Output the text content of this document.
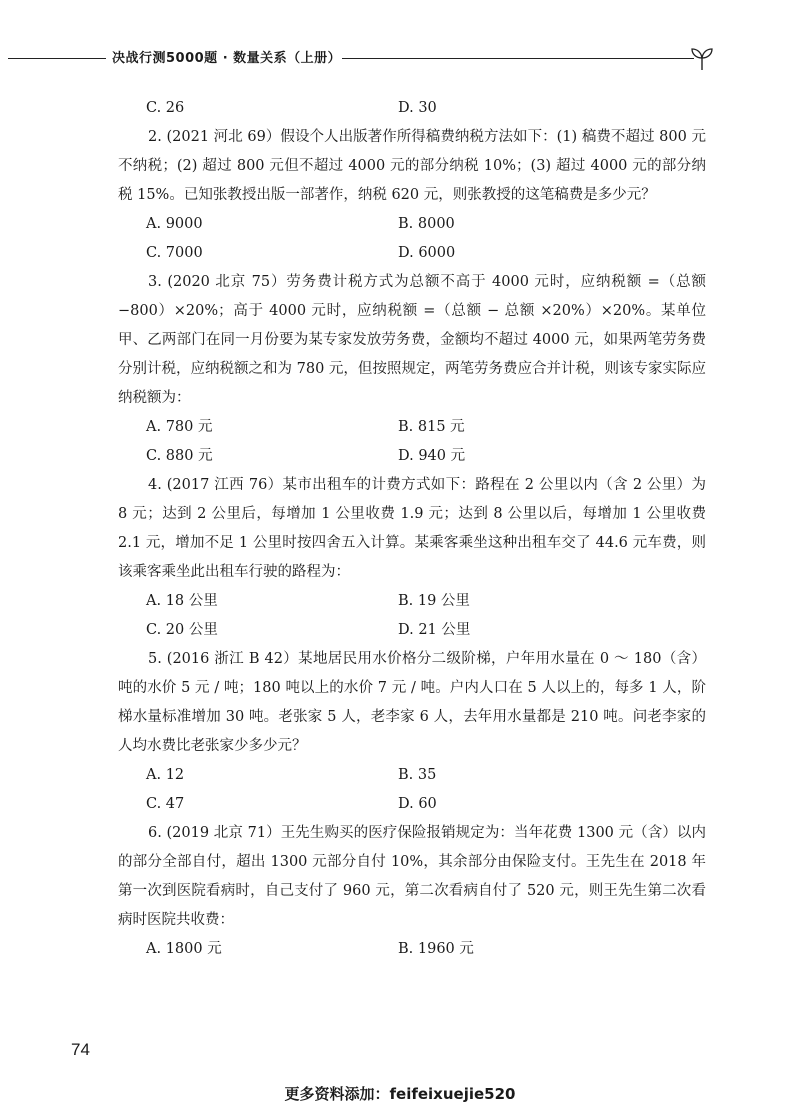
决战行测5000题 · 数量关系（上册）
C. 26	D. 30

2. (2021 河北 69）假设个人出版著作所得稿费纳税方法如下：(1) 稿费不超过 800 元不纳税；(2) 超过 800 元但不超过 4000 元的部分纳税 10%；(3) 超过 4000 元的部分纳税 15%。已知张教授出版一部著作，纳税 620 元，则张教授的这笔稿费是多少元？

A. 9000	B. 8000
C. 7000	D. 6000

3. (2020 北京 75）劳务费计税方式为总额不高于 4000 元时，应纳税额 =（总额 −800）×20%；高于 4000 元时，应纳税额 =（总额 − 总额 ×20%）×20%。某单位甲、乙两部门在同一月份要为某专家发放劳务费，金额均不超过 4000 元，如果两笔劳务费分别计税，应纳税额之和为 780 元，但按照规定，两笔劳务费应合并计税，则该专家实际应纳税额为：

A. 780 元	B. 815 元
C. 880 元	D. 940 元

4. (2017 江西 76）某市出租车的计费方式如下：路程在 2 公里以内（含 2 公里）为 8 元；达到 2 公里后，每增加 1 公里收费 1.9 元；达到 8 公里以后，每增加 1 公里收费 2.1 元，增加不足 1 公里时按四舍五入计算。某乘客乘坐这种出租车交了 44.6 元车费，则该乘客乘坐此出租车行驶的路程为：

A. 18 公里	B. 19 公里
C. 20 公里	D. 21 公里

5. (2016 浙江 B 42）某地居民用水价格分二级阶梯，户年用水量在 0 ～ 180（含）吨的水价 5 元 / 吨；180 吨以上的水价 7 元 / 吨。户内人口在 5 人以上的，每多 1 人，阶梯水量标准增加 30 吨。老张家 5 人，老李家 6 人，去年用水量都是 210 吨。问老李家的人均水费比老张家少多少元？

A. 12	B. 35
C. 47	D. 60

6. (2019 北京 71）王先生购买的医疗保险报销规定为：当年花费 1300 元（含）以内的部分全部自付，超出 1300 元部分自付 10%，其余部分由保险支付。王先生在 2018 年第一次到医院看病时，自己支付了 960 元，第二次看病自付了 520 元，则王先生第二次看病时医院共收费：

A. 1800 元	B. 1960 元
74
更多资料添加：feifeixuejie520
